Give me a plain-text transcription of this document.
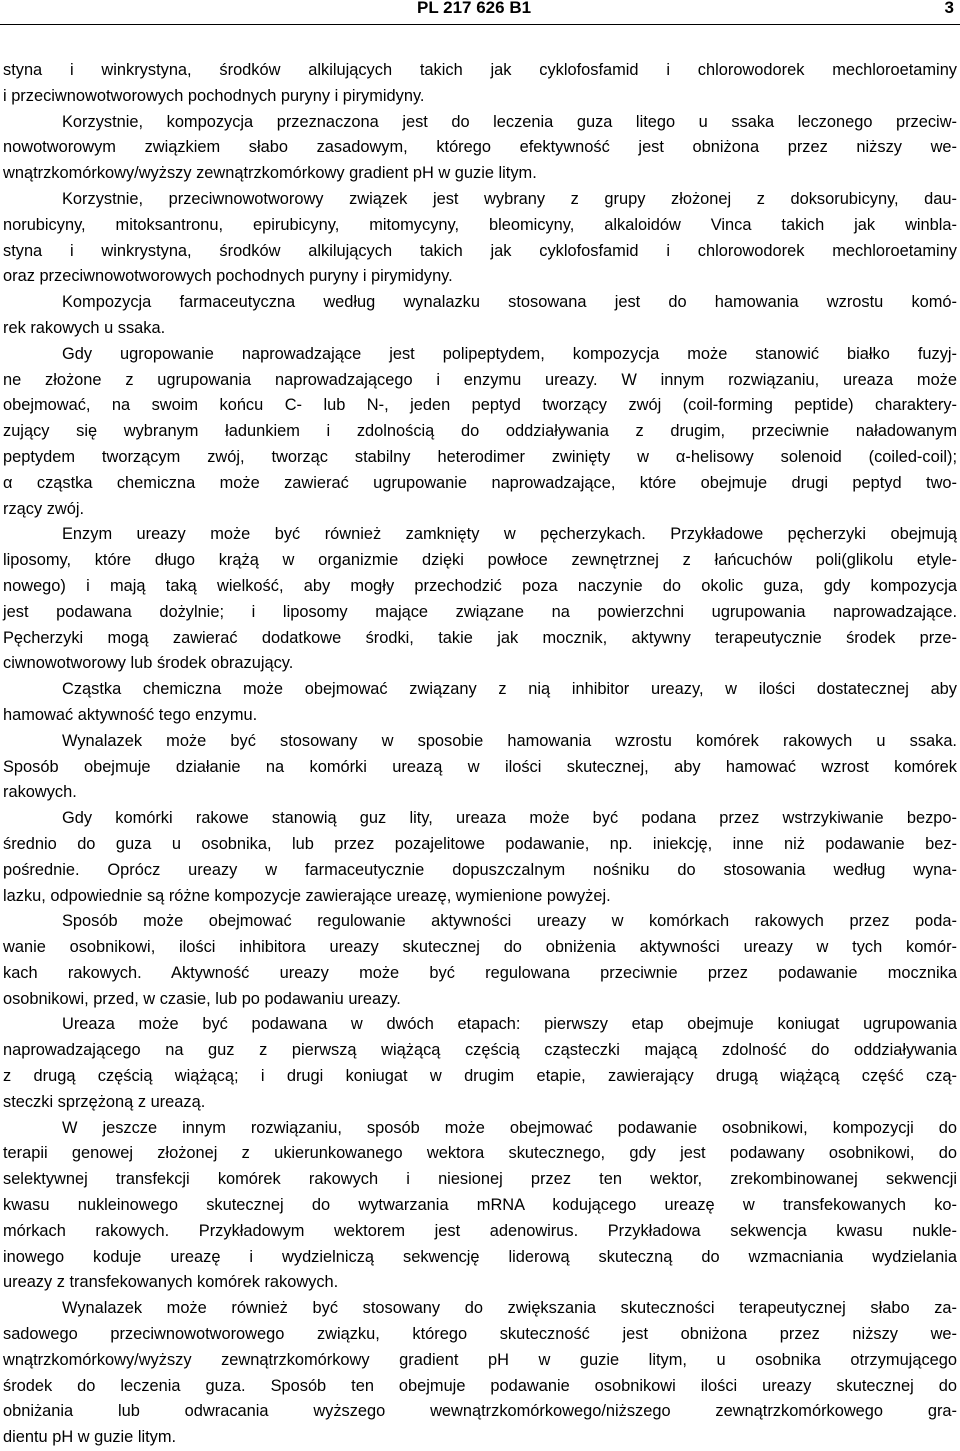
PL 217 626 B1	3
styna i winkrystyna, środków alkilujących takich jak cyklofosfamid i chlorowodorek mechloroetaminy
i przeciwnowotworowych pochodnych puryny i pirymidyny.
Korzystnie, kompozycja przeznaczona jest do leczenia guza litego u ssaka leczonego przeciw-
nowotworowym związkiem słabo zasadowym, którego efektywność jest obniżona przez niższy we-
wnątrzkomórkowy/wyższy zewnątrzkomórkowy gradient pH w guzie litym.
Korzystnie, przeciwnowotworowy związek jest wybrany z grupy złożonej z doksorubicyny, dau-
norubicyny, mitoksantronu, epirubicyny, mitomycyny, bleomicyny, alkaloidów Vinca takich jak winbla-
styna i winkrystyna, środków alkilujących takich jak cyklofosfamid i chlorowodorek mechloroetaminy
oraz przeciwnowotworowych pochodnych puryny i pirymidyny.
Kompozycja farmaceutyczna według wynalazku stosowana jest do hamowania wzrostu komó-
rek rakowych u ssaka.
Gdy ugropowanie naprowadzające jest polipeptydem, kompozycja może stanowić białko fuzyj-
ne złożone z ugrupowania naprowadzającego i enzymu ureazy. W innym rozwiązaniu, ureaza może
obejmować, na swoim końcu C- lub N-, jeden peptyd tworzący zwój (coil-forming peptide) charaktery-
zujący się wybranym ładunkiem i zdolnością do oddziaływania z drugim, przeciwnie naładowanym
peptydem tworzącym zwój, tworząc stabilny heterodimer zwinięty w α-helisowy solenoid (coiled-coil);
α cząstka chemiczna może zawierać ugrupowanie naprowadzające, które obejmuje drugi peptyd two-
rzący zwój.
Enzym ureazy może być również zamknięty w pęcherzykach. Przykładowe pęcherzyki obejmują
liposomy, które długo krążą w organizmie dzięki powłoce zewnętrznej z łańcuchów poli(glikolu etyle-
nowego) i mają taką wielkość, aby mogły przechodzić poza naczynie do okolic guza, gdy kompozycja
jest podawana dożylnie; i liposomy mające związane na powierzchni ugrupowania naprowadzające.
Pęcherzyki mogą zawierać dodatkowe środki, takie jak mocznik, aktywny terapeutycznie środek prze-
ciwnowotworowy lub środek obrazujący.
Cząstka chemiczna może obejmować związany z nią inhibitor ureazy, w ilości dostatecznej aby
hamować aktywność tego enzymu.
Wynalazek może być stosowany w sposobie hamowania wzrostu komórek rakowych u ssaka.
Sposób obejmuje działanie na komórki ureazą w ilości skutecznej, aby hamować wzrost komórek
rakowych.
Gdy komórki rakowe stanowią guz lity, ureaza może być podana przez wstrzykiwanie bezpo-
średnio do guza u osobnika, lub przez pozajelitowe podawanie, np. iniekcję, inne niż podawanie bez-
pośrednie. Oprócz ureazy w farmaceutycznie dopuszczalnym nośniku do stosowania według wyna-
lazku, odpowiednie są różne kompozycje zawierające ureazę, wymienione powyżej.
Sposób może obejmować regulowanie aktywności ureazy w komórkach rakowych przez poda-
wanie osobnikowi, ilości inhibitora ureazy skutecznej do obniżenia aktywności ureazy w tych komór-
kach rakowych. Aktywność ureazy może być regulowana przeciwnie przez podawanie mocznika
osobnikowi, przed, w czasie, lub po podawaniu ureazy.
Ureaza może być podawana w dwóch etapach: pierwszy etap obejmuje koniugat ugrupowania
naprowadzającego na guz z pierwszą wiążącą częścią cząsteczki mającą zdolność do oddziaływania
z drugą częścią wiążącą; i drugi koniugat w drugim etapie, zawierający drugą wiążącą część czą-
steczki sprzężoną z ureazą.
W jeszcze innym rozwiązaniu, sposób może obejmować podawanie osobnikowi, kompozycji do
terapii genowej złożonej z ukierunkowanego wektora skutecznego, gdy jest podawany osobnikowi, do
selektywnej transfekcji komórek rakowych i niesionej przez ten wektor, zrekombinowanej sekwencji
kwasu nukleinowego skutecznej do wytwarzania mRNA kodującego ureazę w transfekowanych ko-
mórkach rakowych. Przykładowym wektorem jest adenowirus. Przykładowa sekwencja kwasu nukle-
inowego koduje ureazę i wydzielniczą sekwencję liderową skuteczną do wzmacniania wydzielania
ureazy z transfekowanych komórek rakowych.
Wynalazek może również być stosowany do zwiększania skuteczności terapeutycznej słabo za-
sadowego przeciwnowotworowego związku, którego skuteczność jest obniżona przez niższy we-
wnątrzkomórkowy/wyższy zewnątrzkomórkowy gradient pH w guzie litym, u osobnika otrzymującego
środek do leczenia guza. Sposób ten obejmuje podawanie osobnikowi ilości ureazy skutecznej do
obniżania lub odwracania wyższego wewnątrzkomórkowego/niższego zewnątrzkomórkowego gra-
dientu pH w guzie litym.
